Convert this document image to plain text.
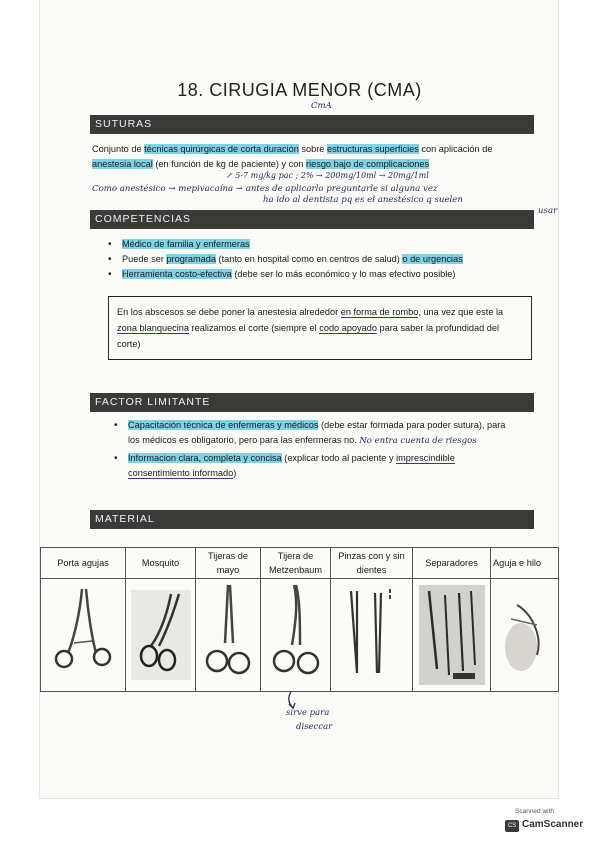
18. CIRUGIA MENOR (CMA)
CmA
SUTURAS
Conjunto de técnicas quirúrgicas de corta duración sobre estructuras superficies con aplicación de
anestesia local (en función de kg de paciente) y con riesgo bajo de complicaciones
↗ 5-7 mg/kg pac ; 2% → 200mg/10ml → 20mg/1ml
Como anestésico → mepivacaína → antes de aplicarlo preguntarle si alguna vez
ha ido al dentista pq es el anestésico q suelen
usar
COMPETENCIAS
• Médico de familia y enfermeras
• Puede ser programada (tanto en hospital como en centros de salud) o de urgencias
• Herramienta costo-efectiva (debe ser lo más económico y lo mas efectivo posible)
En los abscesos se debe poner la anestesia alrededor en forma de rombo, una vez que este la
zona blanquecina realizamos el corte (siempre el codo apoyado para saber la profundidad del
corte)
FACTOR LIMITANTE
• Capacitación técnica de enfermeras y médicos (debe estar formada para poder sutura), para
los médicos es obligatorio, pero para las enfermeras no. No entra cuenta de riesgos
• Informacion clara, completa y concisa (explicar todo al paciente y imprescindible
consentimiento informado)
MATERIAL
Porta agujas	Mosquito	Tijeras de mayo	Tijera de Metzenbaum	Pinzas con y sin dientes	Separadores	Aguja e hilo

sirve para
diseccar
Scanned with
CS CamScanner
